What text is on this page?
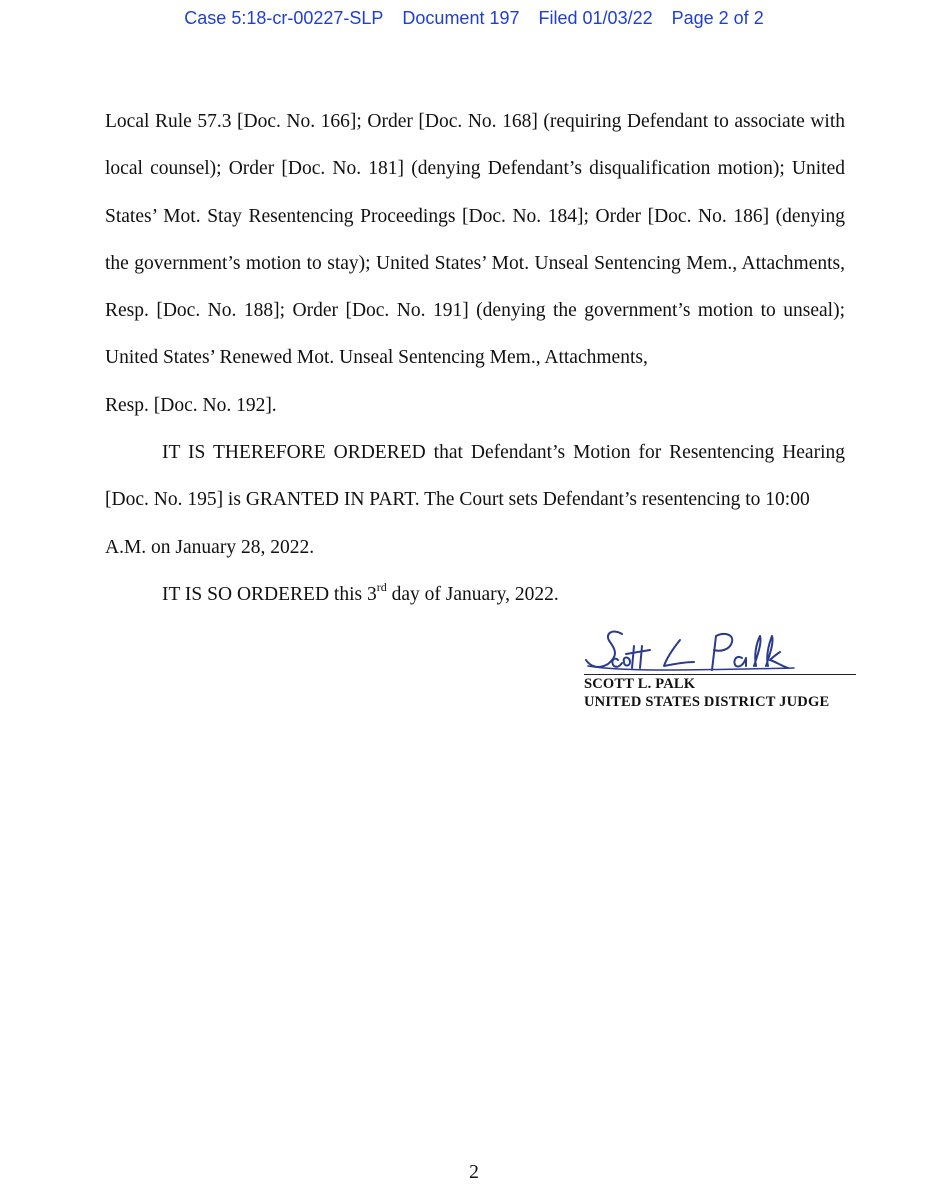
Case 5:18-cr-00227-SLP Document 197 Filed 01/03/22 Page 2 of 2

Local Rule 57.3 [Doc. No. 166]; Order [Doc. No. 168] (requiring Defendant to associate with local counsel); Order [Doc. No. 181] (denying Defendant’s disqualification motion); United States’ Mot. Stay Resentencing Proceedings [Doc. No. 184]; Order [Doc. No. 186] (denying the government’s motion to stay); United States’ Mot. Unseal Sentencing Mem., Attachments, Resp. [Doc. No. 188]; Order [Doc. No. 191] (denying the government’s motion to unseal); United States’ Renewed Mot. Unseal Sentencing Mem., Attachments,

Resp. [Doc. No. 192].

IT IS THEREFORE ORDERED that Defendant’s Motion for Resentencing Hearing [Doc. No. 195] is GRANTED IN PART. The Court sets Defendant’s resentencing to 10:00

A.M. on January 28, 2022.

IT IS SO ORDERED this 3rd day of January, 2022.

SCOTT L. PALK
UNITED STATES DISTRICT JUDGE
2
